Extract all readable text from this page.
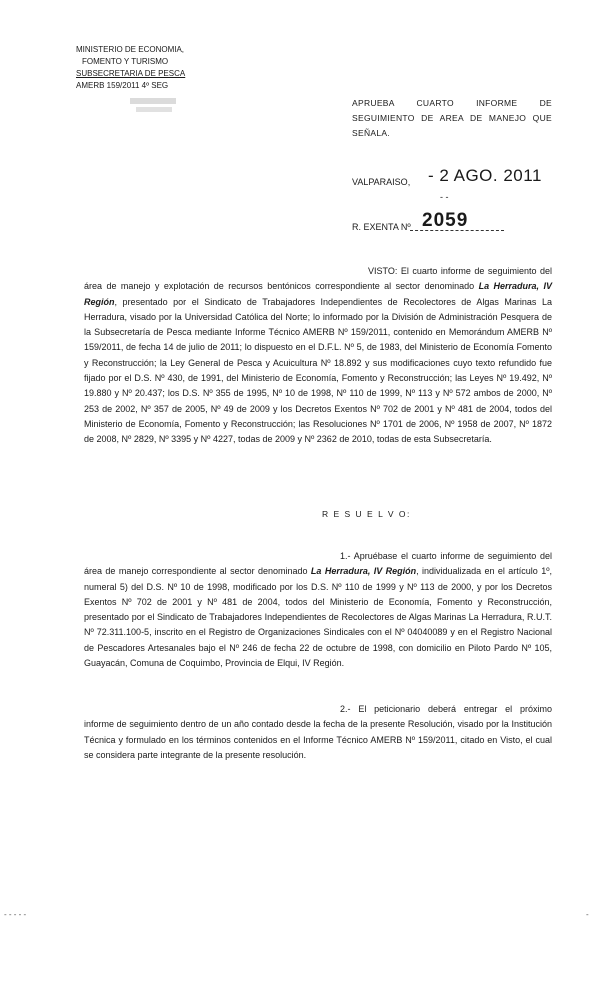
MINISTERIO DE ECONOMIA,
FOMENTO Y TURISMO
SUBSECRETARIA DE PESCA
AMERB 159/2011 4º SEG
APRUEBA CUARTO INFORME DE SEGUIMIENTO DE AREA DE MANEJO QUE SEÑALA.
VALPARAISO, - 2 AGO. 2011
- -
R. EXENTA Nº 2059
VISTO: El cuarto informe de seguimiento del área de manejo y explotación de recursos bentónicos correspondiente al sector denominado La Herradura, IV Región, presentado por el Sindicato de Trabajadores Independientes de Recolectores de Algas Marinas La Herradura, visado por la Universidad Católica del Norte; lo informado por la División de Administración Pesquera de la Subsecretaría de Pesca mediante Informe Técnico AMERB Nº 159/2011, contenido en Memorándum AMERB Nº 159/2011, de fecha 14 de julio de 2011; lo dispuesto en el D.F.L. Nº 5, de 1983, del Ministerio de Economía Fomento y Reconstrucción; la Ley General de Pesca y Acuicultura Nº 18.892 y sus modificaciones cuyo texto refundido fue fijado por el D.S. Nº 430, de 1991, del Ministerio de Economía, Fomento y Reconstrucción; las Leyes Nº 19.492, Nº 19.880 y Nº 20.437; los D.S. Nº 355 de 1995, Nº 10 de 1998, Nº 110 de 1999, Nº 113 y Nº 572 ambos de 2000, Nº 253 de 2002, Nº 357 de 2005, Nº 49 de 2009 y los Decretos Exentos Nº 702 de 2001 y Nº 481 de 2004, todos del Ministerio de Economía, Fomento y Reconstrucción; las Resoluciones Nº 1701 de 2006, Nº 1958 de 2007, Nº 1872 de 2008, Nº 2829, Nº 3395 y Nº 4227, todas de 2009 y Nº 2362 de 2010, todas de esta Subsecretaría.
R E S U E L V O:
1.- Apruébase el cuarto informe de seguimiento del área de manejo correspondiente al sector denominado La Herradura, IV Región, individualizada en el artículo 1º, numeral 5) del D.S. Nº 10 de 1998, modificado por los D.S. Nº 110 de 1999 y Nº 113 de 2000, y por los Decretos Exentos Nº 702 de 2001 y Nº 481 de 2004, todos del Ministerio de Economía, Fomento y Reconstrucción, presentado por el Sindicato de Trabajadores Independientes de Recolectores de Algas Marinas La Herradura, R.U.T. Nº 72.311.100-5, inscrito en el Registro de Organizaciones Sindicales con el Nº 04040089 y en el Registro Nacional de Pescadores Artesanales bajo el Nº 246 de fecha 22 de octubre de 1998, con domicilio en Piloto Pardo Nº 105, Guayacán, Comuna de Coquimbo, Provincia de Elqui, IV Región.
2.- El peticionario deberá entregar el próximo informe de seguimiento dentro de un año contado desde la fecha de la presente Resolución, visado por la Institución Técnica y formulado en los términos contenidos en el Informe Técnico AMERB Nº 159/2011, citado en Visto, el cual se considera parte integrante de la presente resolución.
- - - - -	-
